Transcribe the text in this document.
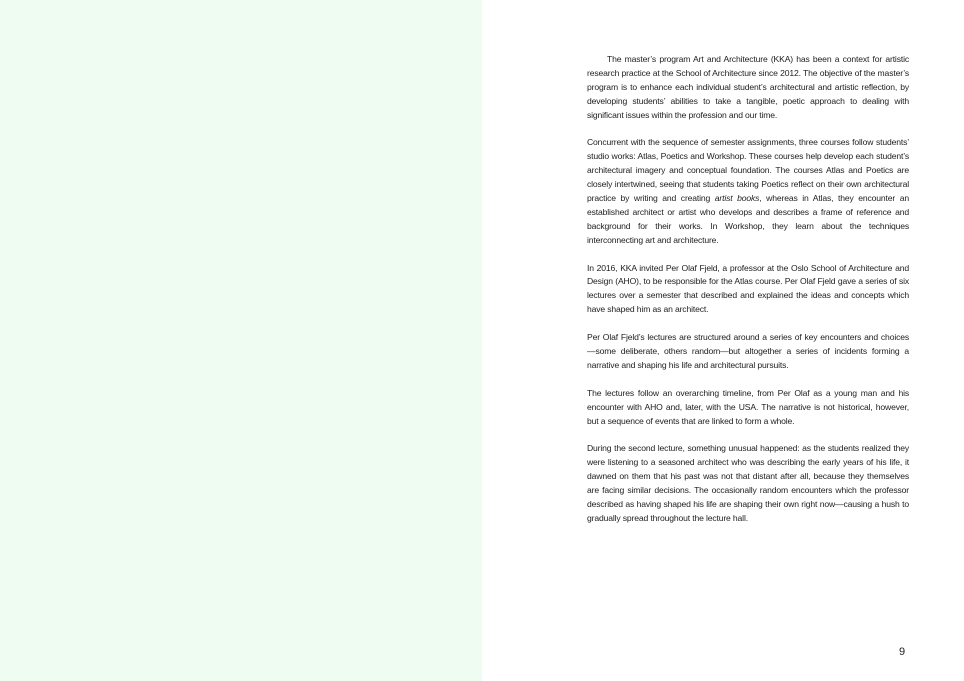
The master’s program Art and Architecture (KKA) has been a context for artistic research practice at the School of Architecture since 2012. The objective of the master’s program is to enhance each individual student’s architectural and artistic reflection, by developing students’ abilities to take a tangible, poetic approach to dealing with significant issues within the profession and our time.

Concurrent with the sequence of semester assignments, three courses follow students’ studio works: Atlas, Poetics and Workshop. These courses help develop each student’s architectural imagery and conceptual foundation. The courses Atlas and Poetics are closely intertwined, seeing that students taking Poetics reflect on their own architectural practice by writing and creating artist books, whereas in Atlas, they encounter an established architect or artist who develops and describes a frame of reference and background for their works. In Workshop, they learn about the techniques interconnecting art and architecture.

In 2016, KKA invited Per Olaf Fjeld, a professor at the Oslo School of Architecture and Design (AHO), to be responsible for the Atlas course. Per Olaf Fjeld gave a series of six lectures over a semester that described and explained the ideas and concepts which have shaped him as an architect.

Per Olaf Fjeld’s lectures are structured around a series of key encounters and choices—some deliberate, others random—but altogether a series of incidents forming a narrative and shaping his life and architectural pursuits.

The lectures follow an overarching timeline, from Per Olaf as a young man and his encounter with AHO and, later, with the USA. The narrative is not historical, however, but a sequence of events that are linked to form a whole.

During the second lecture, something unusual happened: as the students realized they were listening to a seasoned architect who was describing the early years of his life, it dawned on them that his past was not that distant after all, because they themselves are facing similar decisions. The occasionally random encounters which the professor described as having shaped his life are shaping their own right now—causing a hush to gradually spread throughout the lecture hall.

9
